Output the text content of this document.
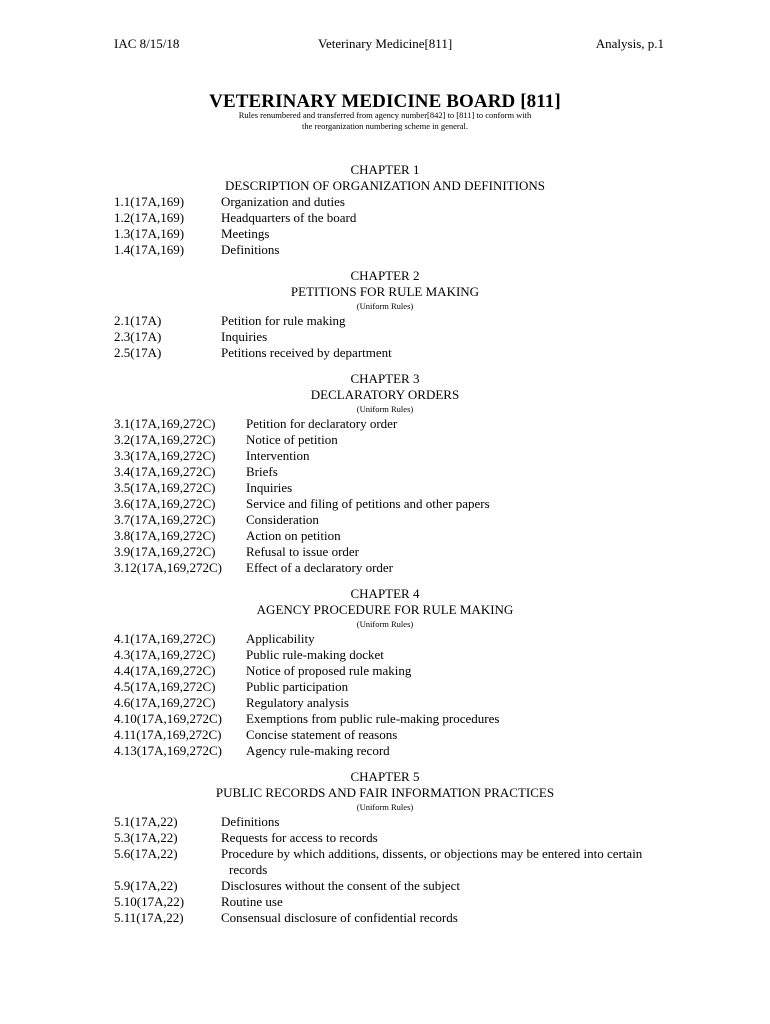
IAC 8/15/18	Veterinary Medicine[811]	Analysis, p.1
VETERINARY MEDICINE BOARD [811]
Rules renumbered and transferred from agency number[842] to [811] to conform with
the reorganization numbering scheme in general.
CHAPTER 1
DESCRIPTION OF ORGANIZATION AND DEFINITIONS
1.1(17A,169)	Organization and duties
1.2(17A,169)	Headquarters of the board
1.3(17A,169)	Meetings
1.4(17A,169)	Definitions
CHAPTER 2
PETITIONS FOR RULE MAKING
(Uniform Rules)
2.1(17A)	Petition for rule making
2.3(17A)	Inquiries
2.5(17A)	Petitions received by department
CHAPTER 3
DECLARATORY ORDERS
(Uniform Rules)
3.1(17A,169,272C) Petition for declaratory order
3.2(17A,169,272C) Notice of petition
3.3(17A,169,272C) Intervention
3.4(17A,169,272C) Briefs
3.5(17A,169,272C) Inquiries
3.6(17A,169,272C) Service and filing of petitions and other papers
3.7(17A,169,272C) Consideration
3.8(17A,169,272C) Action on petition
3.9(17A,169,272C) Refusal to issue order
3.12(17A,169,272C) Effect of a declaratory order
CHAPTER 4
AGENCY PROCEDURE FOR RULE MAKING
(Uniform Rules)
4.1(17A,169,272C) Applicability
4.3(17A,169,272C) Public rule-making docket
4.4(17A,169,272C) Notice of proposed rule making
4.5(17A,169,272C) Public participation
4.6(17A,169,272C) Regulatory analysis
4.10(17A,169,272C) Exemptions from public rule-making procedures
4.11(17A,169,272C) Concise statement of reasons
4.13(17A,169,272C) Agency rule-making record
CHAPTER 5
PUBLIC RECORDS AND FAIR INFORMATION PRACTICES
(Uniform Rules)
5.1(17A,22)	Definitions
5.3(17A,22)	Requests for access to records
5.6(17A,22)	Procedure by which additions, dissents, or objections may be entered into certain
records
5.9(17A,22)	Disclosures without the consent of the subject
5.10(17A,22)	Routine use
5.11(17A,22)	Consensual disclosure of confidential records
